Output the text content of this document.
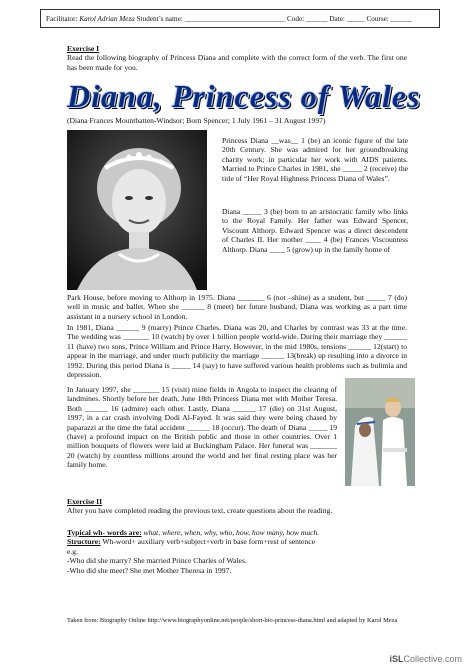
Facilitator: Karol Adrian Meza Student’s name: ____________________________ Code: ______ Date: _____ Course: ______
Exercise I
Read the following biography of Princess Diana and complete with the correct form of the verb. The first one has been made for you.
Diana, Princess of Wales
(Diana Frances Mountbatten-Windsor; Born Spencer; 1 July 1961 – 31 August 1997)
Princess Diana __was__ 1 (be) an iconic figure of the late 20th Century. She was admired for her groundbreaking charity work; in particular her work with AIDS patients. Married to Prince Charles in 1981, she _____ 2 (receive) the title of “Her Royal Highness Princess Diana of Wales”.
Diana _____ 3 (be) born to an aristocratic family who links to the Royal Family. Her father was Edward Spencer, Viscount Althorp. Edward Spencer was a direct descendent of Charles II. Her mother ____ 4 (be) Frances Viscountess Althorp. Diana ____ 5 (grow) up in the family home of
Park House, before moving to Althorp in 1975. Diana _______ 6 (not –shine) as a student, but _____ 7 (do) well in music and ballet. When she ______ 8 (meet) her future husband, Diana was working as a part time assistant in a nursery school in London.
In 1981, Diana ______ 9 (marry) Prince Charles. Diana was 20, and Charles by contrast was 33 at the time. The wedding was _______ 10 (watch) by over 1 billion people world-wide. During their marriage they ______ 11 (have) two sons, Prince William and Prince Harry. However, in the mid 1980s, tensions ______ 12(start) to appear in the marriage, and under much publicity the marriage ______ 13(break) up resulting into a divorce in 1992. During this period Diana is _____ 14 (say) to have suffered various health problems such as bulimia and depression.
In January 1997, she _______ 15 (visit) mine fields in Angola to inspect the clearing of landmines. Shortly before her death, June 18th Princess Diana met with Mother Teresa. Both ______ 16 (admire) each other. Lastly, Diana ______ 17 (die) on 31st August, 1997, in a car crash involving Dodi Al-Fayed. It was said they were being chased by paparazzi at the time the fatal accident ______ 18 (occur). The death of Diana _____ 19 (have) a profound impact on the British public and those in other countries. Over 1 million bouquets of flowers were laid at Buckingham Palace. Her funeral was _______ 20 (watch) by countless millions around the world and her final resting place was her family home.
Exercise II
After you have completed reading the previous text, create questions about the reading.
Typical wh- words are: what, where, when, why, who, how, how many, how much.
Structure: Wh-word+ auxiliary verb+subject+verb in base form+rest of sentence
e.g.
-Who did she marry? She married Prince Charles of Wales.
-Who did she meet? She met Mother Theresa in 1997.
Taken from: Biography Online http://www.biographyonline.net/people/short-bio-princess-diana.html and adapted by Karol Meza
iSLCollective.com
